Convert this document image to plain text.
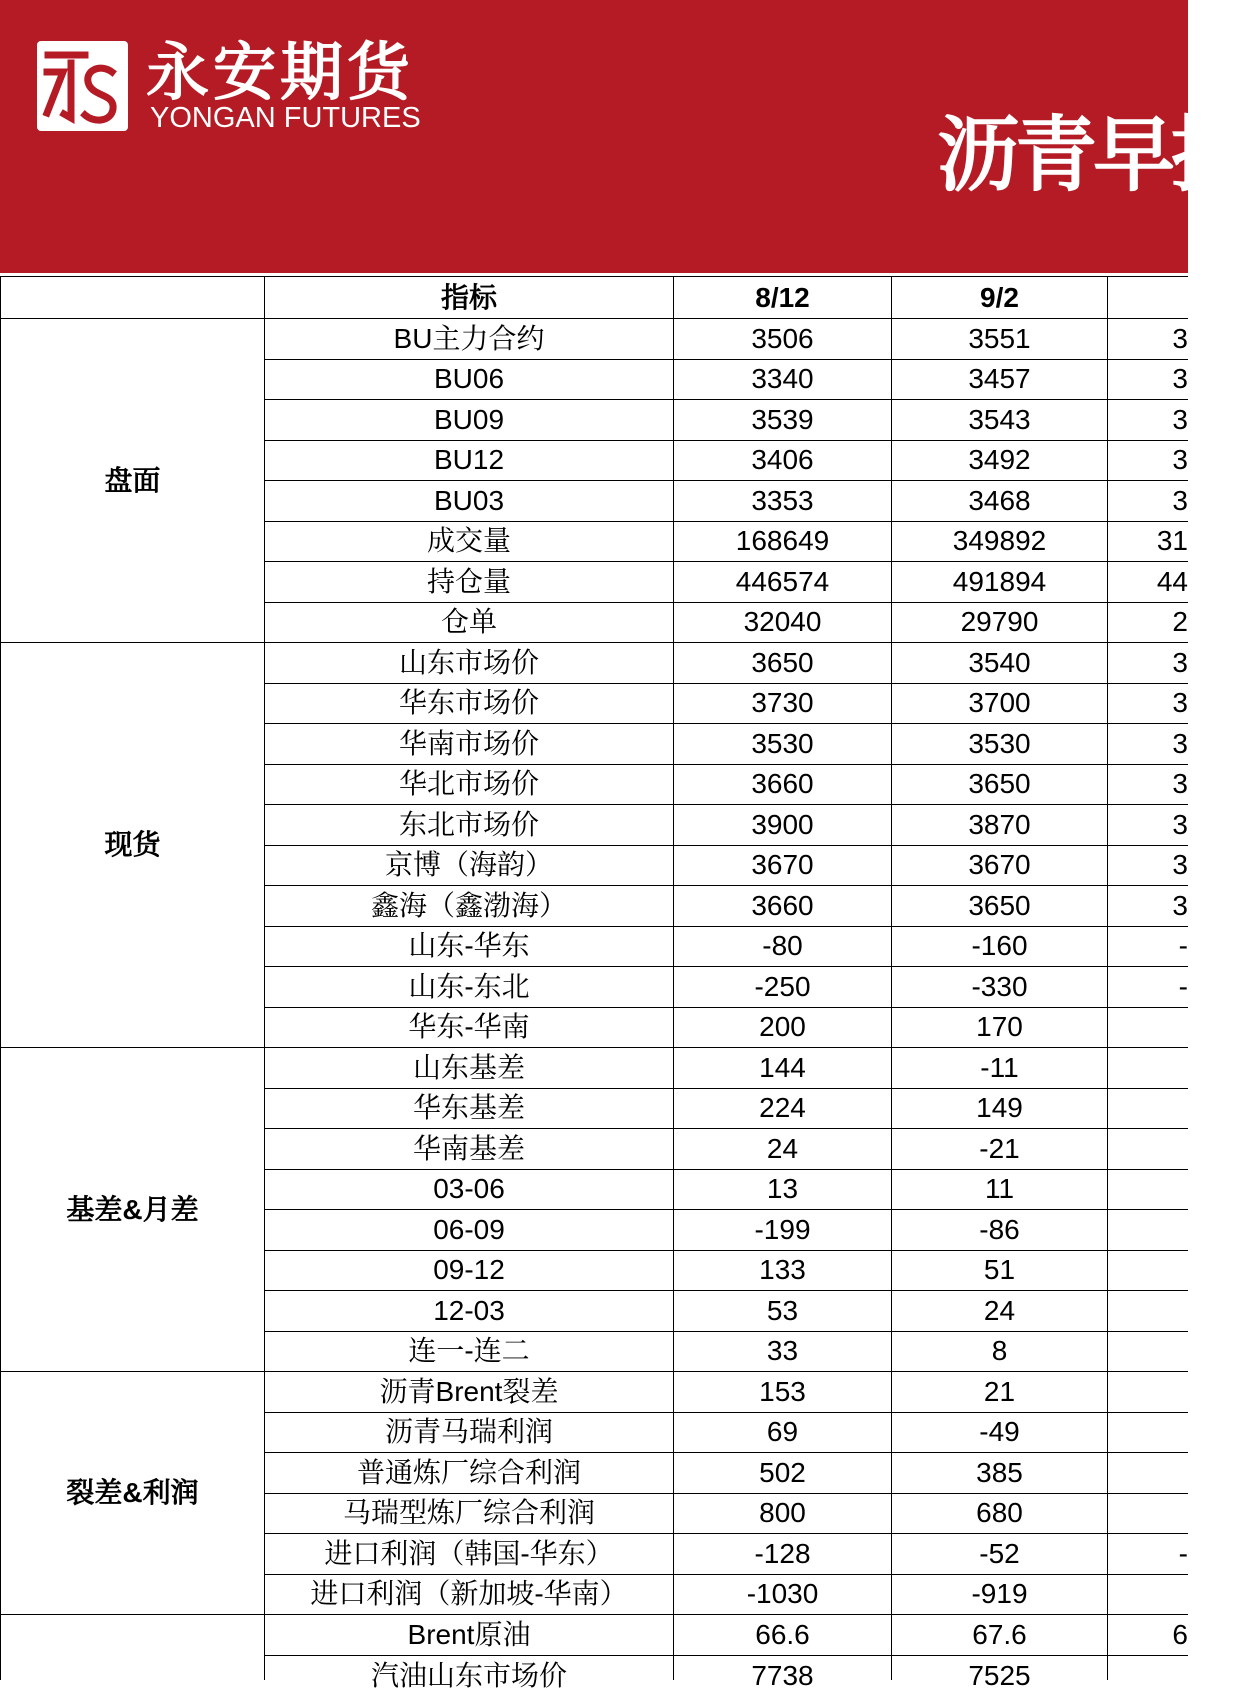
永安期货
YONGAN FUTURES	沥青早报
指标	8/12	9/2
盘面
BU主力合约	3506	3551	3
BU06	3340	3457	3
BU09	3539	3543	3
BU12	3406	3492	3
BU03	3353	3468	3
成交量	168649	349892	31
持仓量	446574	491894	44
仓单	32040	29790	2
现货
山东市场价	3650	3540	3
华东市场价	3730	3700	3
华南市场价	3530	3530	3
华北市场价	3660	3650	3
东北市场价	3900	3870	3
京博（海韵）	3670	3670	3
鑫海（鑫渤海）	3660	3650	3
山东-华东	-80	-160	-
山东-东北	-250	-330	-
华东-华南	200	170
基差&月差
山东基差	144	-11
华东基差	224	149
华南基差	24	-21
03-06	13	11
06-09	-199	-86
09-12	133	51
12-03	53	24
连一-连二	33	8
裂差&利润
沥青Brent裂差	153	21
沥青马瑞利润	69	-49
普通炼厂综合利润	502	385
马瑞型炼厂综合利润	800	680
进口利润（韩国-华东）	-128	-52	-
进口利润（新加坡-华南）	-1030	-919
Brent原油	66.6	67.6	6
汽油山东市场价	7738	7525
